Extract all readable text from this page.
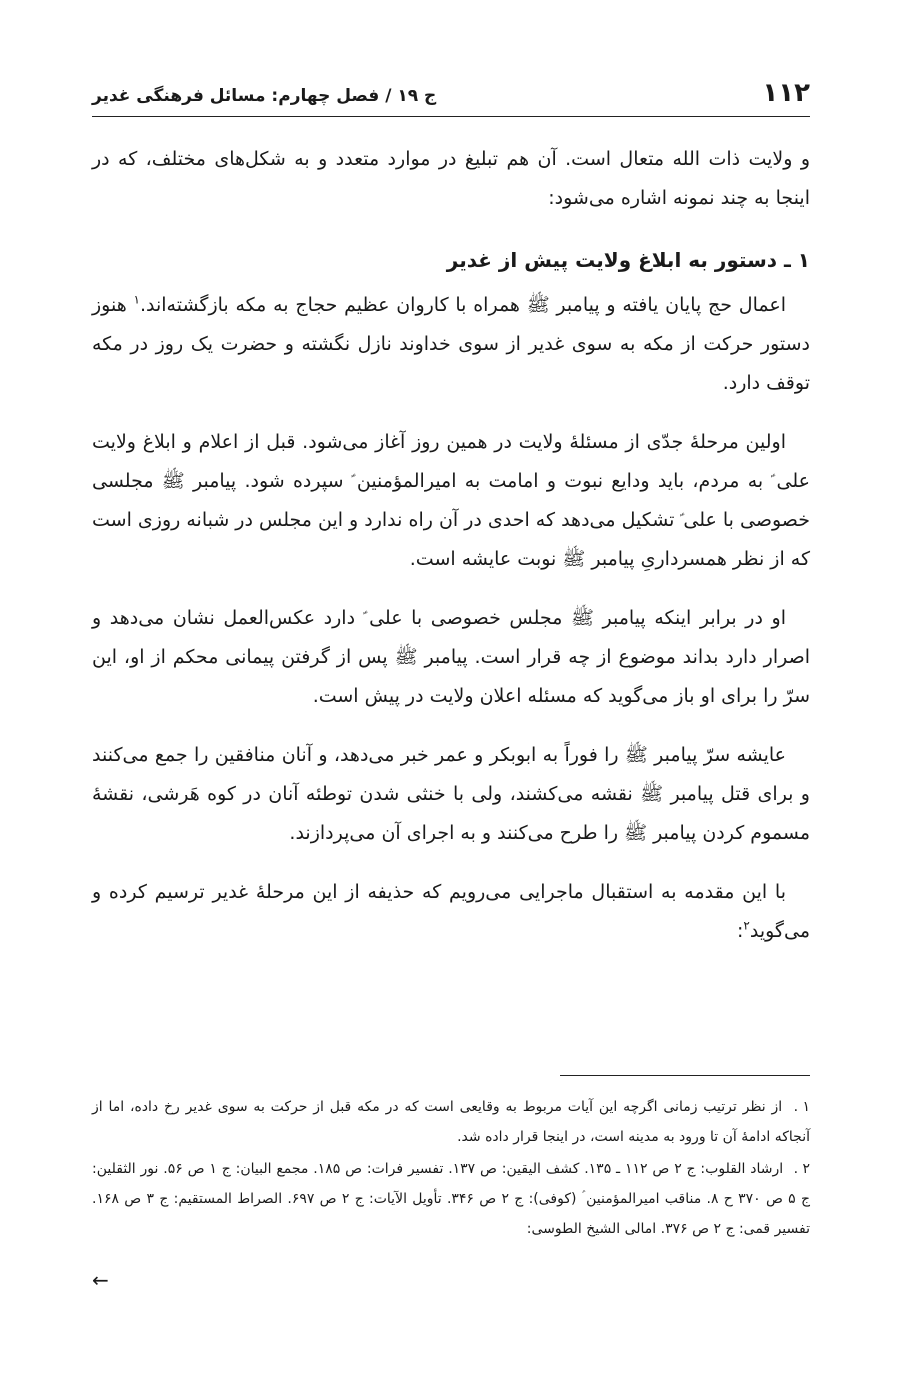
۱۱۲
ج ۱۹ / فصل چهارم: مسائل فرهنگی غدیر

و ولایت ذات الله متعال است. آن هم تبلیغ در موارد متعدد و به شکل‌های مختلف، که در اینجا به چند نمونه اشاره می‌شود:

۱ ـ دستور به ابلاغ ولایت پیش از غدیر

اعمال حج پایان یافته و پیامبر ﷺ همراه با کاروان عظیم حجاج به مکه بازگشته‌اند.$^۱$ هنوز دستور حرکت از مکه به سوی غدیر از سوی خداوند نازل نگشته و حضرت یک روز در مکه توقف دارد.

اولین مرحلهٔ جدّی از مسئلهٔ ولایت در همین روز آغاز می‌شود. قبل از اعلام و ابلاغ ولایت علی ؑ به مردم، باید ودایع نبوت و امامت به امیرالمؤمنین ؑ سپرده شود. پیامبر ﷺ مجلسی خصوصی با علی ؑ تشکیل می‌دهد که احدی در آن راه ندارد و این مجلس در شبانه روزی است که از نظر همسرداریِ پیامبر ﷺ نوبت عایشه است.

او در برابر اینکه پیامبر ﷺ مجلس خصوصی با علی ؑ دارد عکس‌العمل نشان می‌دهد و اصرار دارد بداند موضوع از چه قرار است. پیامبر ﷺ پس از گرفتن پیمانی محکم از او، این سرّ را برای او باز می‌گوید که مسئله اعلان ولایت در پیش است.

عایشه سرّ پیامبر ﷺ را فوراً به ابوبکر و عمر خبر می‌دهد، و آنان منافقین را جمع می‌کنند و برای قتل پیامبر ﷺ نقشه می‌کشند، ولی با خنثی شدن توطئه آنان در کوه هَرشی، نقشهٔ مسموم کردن پیامبر ﷺ را طرح می‌کنند و به اجرای آن می‌پردازند.

با این مقدمه به استقبال ماجرایی می‌رویم که حذیفه از این مرحلهٔ غدیر ترسیم کرده و می‌گوید$^۲$:

۱ . از نظر ترتیب زمانی اگرچه این آیات مربوط به وقایعی است که در مکه قبل از حرکت به سوی غدیر رخ داده، اما از آنجاکه ادامهٔ آن تا ورود به مدینه است، در اینجا قرار داده شد.

۲ . ارشاد القلوب: ج ۲ ص ۱۱۲ ـ ۱۳۵. کشف الیقین: ص ۱۳۷. تفسیر فرات: ص ۱۸۵. مجمع البیان: ج ۱ ص ۵۶. نور الثقلین: ج ۵ ص ۳۷۰ ح ۸. مناقب امیرالمؤمنین ؑ (کوفی): ج ۲ ص ۳۴۶. تأویل الآیات: ج ۲ ص ۶۹۷. الصراط المستقیم: ج ۳ ص ۱۶۸. تفسیر قمی: ج ۲ ص ۳۷۶. امالی الشیخ الطوسی:

←
